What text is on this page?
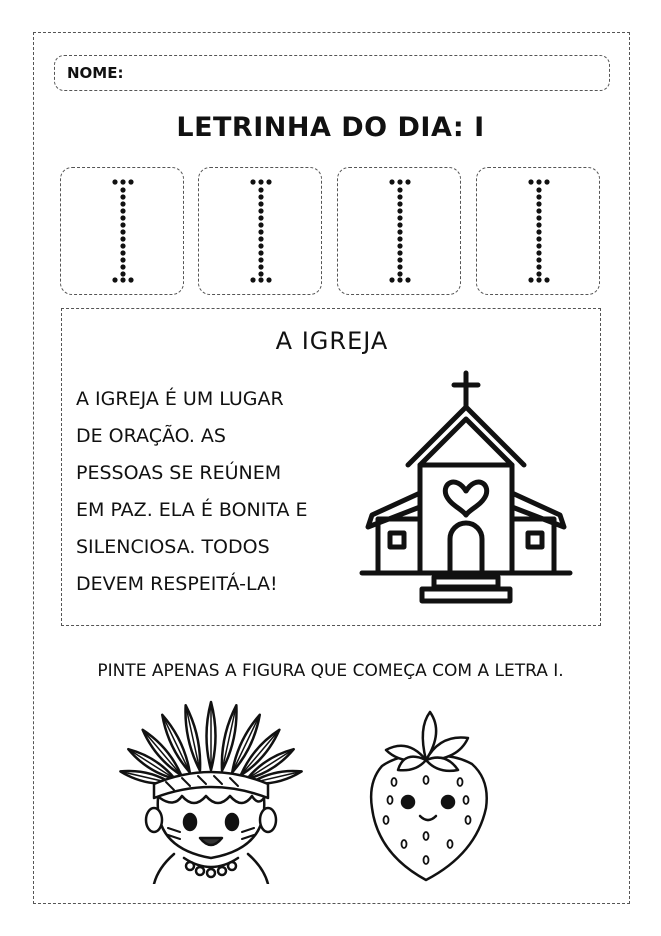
NOME:
LETRINHA DO DIA: I
A IGREJA
A IGREJA É UM LUGAR
DE ORAÇÃO. AS
PESSOAS SE REÚNEM
EM PAZ. ELA É BONITA E
SILENCIOSA. TODOS
DEVEM RESPEITÁ-LA!
PINTE APENAS A FIGURA QUE COMEÇA COM A LETRA I.
